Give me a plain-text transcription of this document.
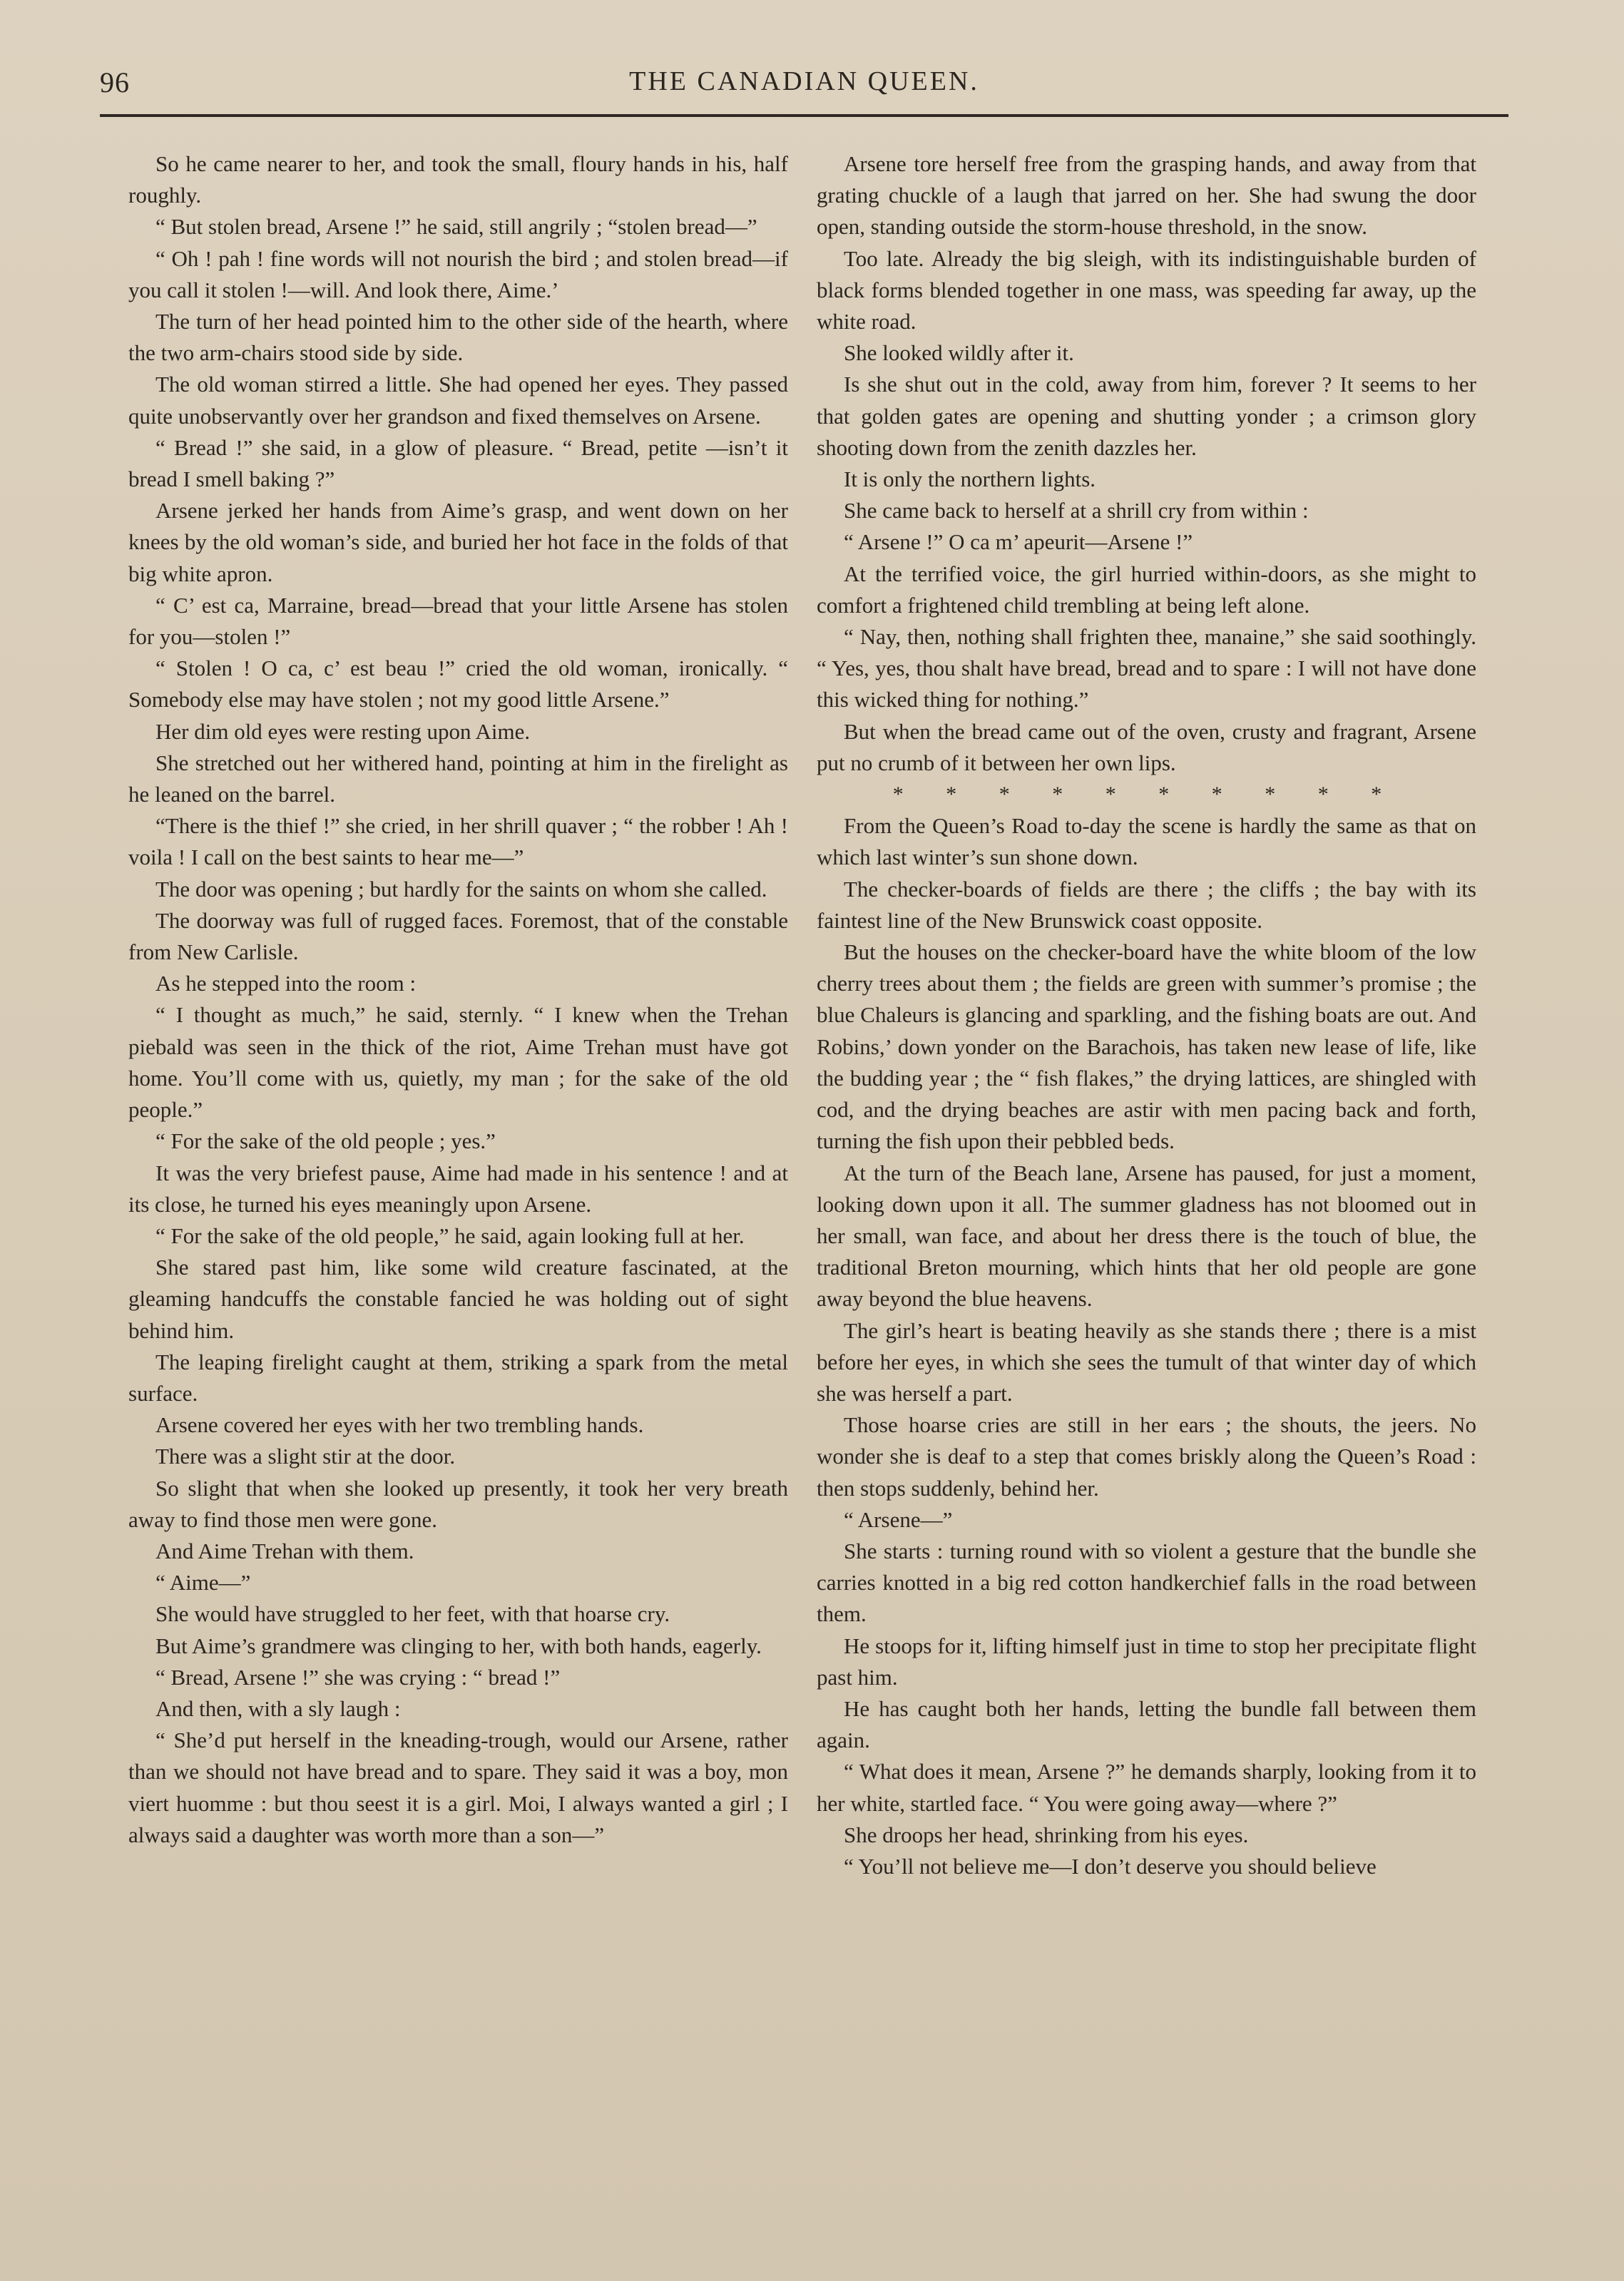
96	THE CANADIAN QUEEN.

So he came nearer to her, and took the small, floury hands in his, half roughly.

“ But stolen bread, Arsene !” he said, still angrily ; “stolen bread—”

“ Oh ! pah ! fine words will not nourish the bird ; and stolen bread—if you call it stolen !—will. And look there, Aime.’

The turn of her head pointed him to the other side of the hearth, where the two arm-chairs stood side by side.

The old woman stirred a little. She had opened her eyes. They passed quite unobservantly over her grandson and fixed themselves on Arsene.

“ Bread !” she said, in a glow of pleasure. “ Bread, petite —isn’t it bread I smell baking ?”

Arsene jerked her hands from Aime’s grasp, and went down on her knees by the old woman’s side, and buried her hot face in the folds of that big white apron.

“ C’ est ca, Marraine, bread—bread that your little Arsene has stolen for you—stolen !”

“ Stolen ! O ca, c’ est beau !” cried the old woman, ironically. “ Somebody else may have stolen ; not my good little Arsene.”

Her dim old eyes were resting upon Aime.

She stretched out her withered hand, pointing at him in the firelight as he leaned on the barrel.

“There is the thief !” she cried, in her shrill quaver ; “ the robber ! Ah ! voila ! I call on the best saints to hear me—”

The door was opening ; but hardly for the saints on whom she called.

The doorway was full of rugged faces. Foremost, that of the constable from New Carlisle.

As he stepped into the room :

“ I thought as much,” he said, sternly. “ I knew when the Trehan piebald was seen in the thick of the riot, Aime Trehan must have got home. You’ll come with us, quietly, my man ; for the sake of the old people.”

“ For the sake of the old people ; yes.”

It was the very briefest pause, Aime had made in his sentence ! and at its close, he turned his eyes meaningly upon Arsene.

“ For the sake of the old people,” he said, again looking full at her.

She stared past him, like some wild creature fascinated, at the gleaming handcuffs the constable fancied he was holding out of sight behind him.

The leaping firelight caught at them, striking a spark from the metal surface.

Arsene covered her eyes with her two trembling hands.

There was a slight stir at the door.

So slight that when she looked up presently, it took her very breath away to find those men were gone.

And Aime Trehan with them.

“ Aime—”

She would have struggled to her feet, with that hoarse cry.

But Aime’s grandmere was clinging to her, with both hands, eagerly.

“ Bread, Arsene !” she was crying : “ bread !”

And then, with a sly laugh :

“ She’d put herself in the kneading-trough, would our Arsene, rather than we should not have bread and to spare. They said it was a boy, mon viert huomme : but thou seest it is a girl. Moi, I always wanted a girl ; I always said a daughter was worth more than a son—”

Arsene tore herself free from the grasping hands, and away from that grating chuckle of a laugh that jarred on her. She had swung the door open, standing outside the storm-house threshold, in the snow.

Too late. Already the big sleigh, with its indistinguishable burden of black forms blended together in one mass, was speeding far away, up the white road.

She looked wildly after it.

Is she shut out in the cold, away from him, forever ? It seems to her that golden gates are opening and shutting yonder ; a crimson glory shooting down from the zenith dazzles her.

It is only the northern lights.

She came back to herself at a shrill cry from within :

“ Arsene !” O ca m’ apeurit—Arsene !”

At the terrified voice, the girl hurried within-doors, as she might to comfort a frightened child trembling at being left alone.

“ Nay, then, nothing shall frighten thee, manaine,” she said soothingly. “ Yes, yes, thou shalt have bread, bread and to spare : I will not have done this wicked thing for nothing.”

But when the bread came out of the oven, crusty and fragrant, Arsene put no crumb of it between her own lips.

* * * * * * * * * *

From the Queen’s Road to-day the scene is hardly the same as that on which last winter’s sun shone down.

The checker-boards of fields are there ; the cliffs ; the bay with its faintest line of the New Brunswick coast opposite.

But the houses on the checker-board have the white bloom of the low cherry trees about them ; the fields are green with summer’s promise ; the blue Chaleurs is glancing and sparkling, and the fishing boats are out. And Robins,’ down yonder on the Barachois, has taken new lease of life, like the budding year ; the “ fish flakes,” the drying lattices, are shingled with cod, and the drying beaches are astir with men pacing back and forth, turning the fish upon their pebbled beds.

At the turn of the Beach lane, Arsene has paused, for just a moment, looking down upon it all. The summer gladness has not bloomed out in her small, wan face, and about her dress there is the touch of blue, the traditional Breton mourning, which hints that her old people are gone away beyond the blue heavens.

The girl’s heart is beating heavily as she stands there ; there is a mist before her eyes, in which she sees the tumult of that winter day of which she was herself a part.

Those hoarse cries are still in her ears ; the shouts, the jeers. No wonder she is deaf to a step that comes briskly along the Queen’s Road : then stops suddenly, behind her.

“ Arsene—”

She starts : turning round with so violent a gesture that the bundle she carries knotted in a big red cotton handkerchief falls in the road between them.

He stoops for it, lifting himself just in time to stop her precipitate flight past him.

He has caught both her hands, letting the bundle fall between them again.

“ What does it mean, Arsene ?” he demands sharply, looking from it to her white, startled face. “ You were going away—where ?”

She droops her head, shrinking from his eyes.

“ You’ll not believe me—I don’t deserve you should believe
